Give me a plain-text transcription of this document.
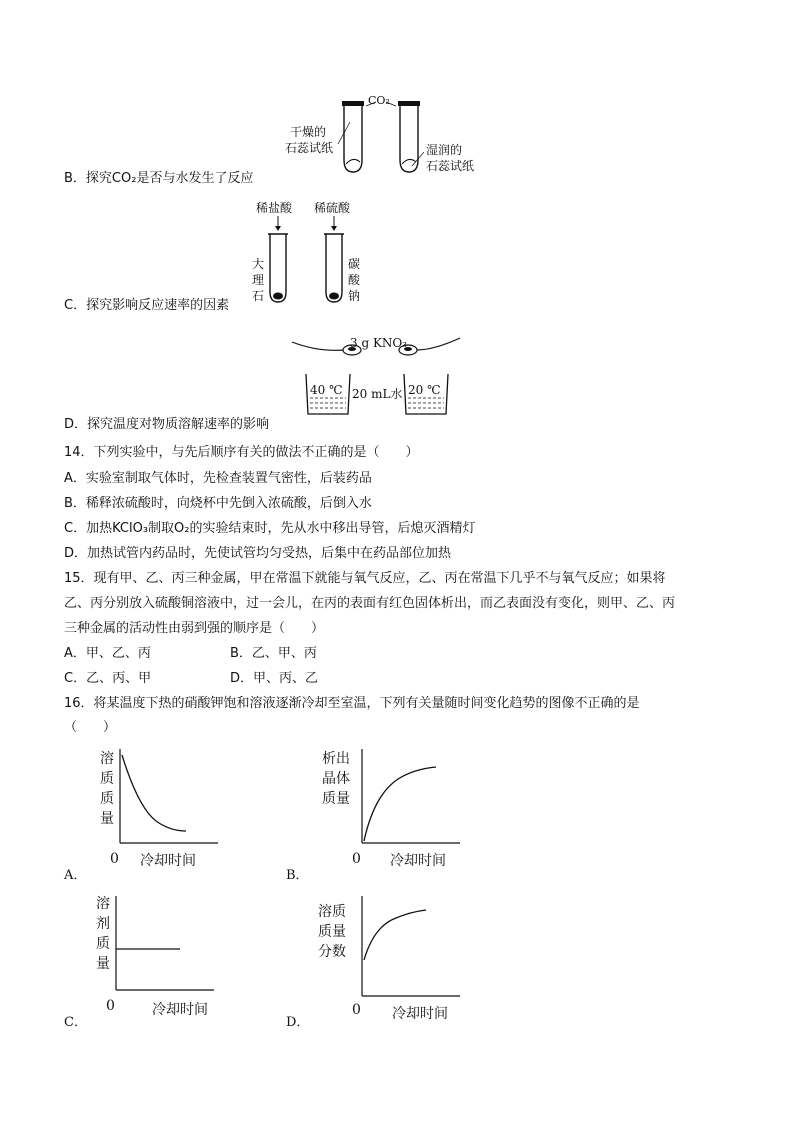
CO₂
干燥的
石蕊试纸	湿润的
石蕊试纸
B．探究CO₂是否与水发生了反应
稀盐酸 稀硫酸
大
理
石
碳
酸
钠
C．探究影响反应速率的因素
3 g KNO₃
40 ℃ 20 mL水 20 ℃
D．探究温度对物质溶解速率的影响
14．下列实验中，与先后顺序有关的做法不正确的是（　　）
A．实验室制取气体时，先检查装置气密性，后装药品
B．稀释浓硫酸时，向烧杯中先倒入浓硫酸，后倒入水
C．加热KClO₃制取O₂的实验结束时，先从水中移出导管，后熄灭酒精灯
D．加热试管内药品时，先使试管均匀受热，后集中在药品部位加热
15．现有甲、乙、丙三种金属，甲在常温下就能与氧气反应，乙、丙在常温下几乎不与氧气反应；如果将
乙、丙分别放入硫酸铜溶液中，过一会儿，在丙的表面有红色固体析出，而乙表面没有变化，则甲、乙、丙
三种金属的活动性由弱到强的顺序是（　　）
A．甲、乙、丙	B．乙、甲、丙
C．乙、丙、甲	D．甲、丙、乙
16．将某温度下热的硝酸钾饱和溶液逐渐冷却至室温，下列有关量随时间变化趋势的图像不正确的是
（　　）
溶
质
质
量
0 冷却时间
A．
析出
晶体
质量
0 冷却时间
B．
溶
剂
质
量
0	冷却时间
C．
溶质
质量
分数
0 冷却时间
D．
